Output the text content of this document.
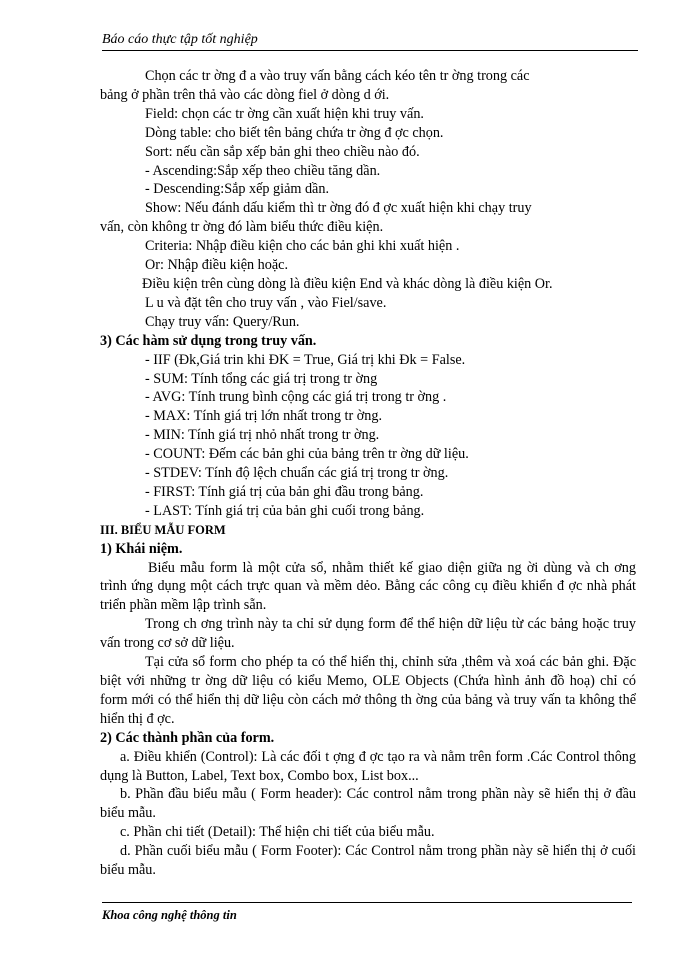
Báo cáo thực tập tốt nghiệp

Chọn các tr ờng đ a vào truy vấn bằng cách kéo tên tr ờng trong các

bảng ở phần trên thả vào các dòng fiel ở dòng d ới.

Field: chọn các tr ờng cần xuất hiện khi truy vấn.

Dòng table: cho biết tên bảng chứa tr ờng đ ợc chọn.

Sort: nếu cần sắp xếp bản ghi theo chiều nào đó.

- Ascending:Sắp xếp theo chiều tăng dần.

- Descending:Sắp xếp giảm dần.

Show: Nếu đánh dấu kiểm thì tr ờng đó đ ợc xuất hiện khi chạy truy

vấn, còn không tr ờng đó làm biểu thức điều kiện.

Criteria: Nhập điều kiện cho các bản ghi khi xuất hiện .

Or: Nhập điều kiện hoặc.

Điều kiện trên cùng dòng là điều kiện End và khác dòng là điều kiện Or.

L u và đặt tên cho truy vấn , vào Fiel/save.

Chạy truy vấn: Query/Run.

3) Các hàm sử dụng trong truy vấn.

- IIF (Đk,Giá trin khi ĐK = True, Giá trị khi Đk = False.

- SUM: Tính tổng các giá trị trong tr ờng

- AVG: Tính trung bình cộng các giá trị trong tr ờng .

- MAX: Tính giá trị lớn nhất trong tr ờng.

- MIN: Tính giá trị nhỏ nhất trong tr ờng.

- COUNT: Đếm các bản ghi của bảng trên tr ờng dữ liệu.

- STDEV: Tính độ lệch chuẩn các giá trị trong tr ờng.

- FIRST: Tính giá trị của bản ghi đầu trong bảng.

- LAST: Tính giá trị của bản ghi cuối trong bảng.

III. BIỂU MẪU FORM

1) Khái niệm.

Biểu mẫu form là một cửa sổ, nhằm thiết kế giao diện giữa ng ời dùng và ch ơng trình ứng dụng một cách trực quan và mềm dẻo. Bằng các công cụ điều khiển đ ợc nhà phát triển phần mềm lập trình sẵn.

Trong ch ơng trình này ta chỉ sử dụng form để thể hiện dữ liệu từ các bảng hoặc truy vấn trong cơ sở dữ liệu.

Tại cửa sổ form cho phép ta có thể hiển thị, chỉnh sửa ,thêm và xoá các bản ghi. Đặc biệt với những tr ờng dữ liệu có kiểu Memo, OLE Objects (Chứa hình ảnh đồ hoạ) chỉ có form mới có thể hiển thị dữ liệu còn cách mở thông th ờng của bảng và truy vấn ta không thể hiển thị đ ợc.

2) Các thành phần của form.

a. Điều khiển (Control): Là các đối t ợng đ ợc tạo ra và nằm trên form .Các Control thông dụng là Button, Label, Text box, Combo box, List box...

b. Phần đầu biểu mẫu ( Form header): Các control nằm trong phần này sẽ hiển thị ở đầu biểu mẫu.

c. Phần chi tiết (Detail): Thể hiện chi tiết của biểu mẫu.

d. Phần cuối biểu mẫu ( Form Footer): Các Control nằm trong phần này sẽ hiển thị ở cuối biểu mẫu.

Khoa công nghệ thông tin
